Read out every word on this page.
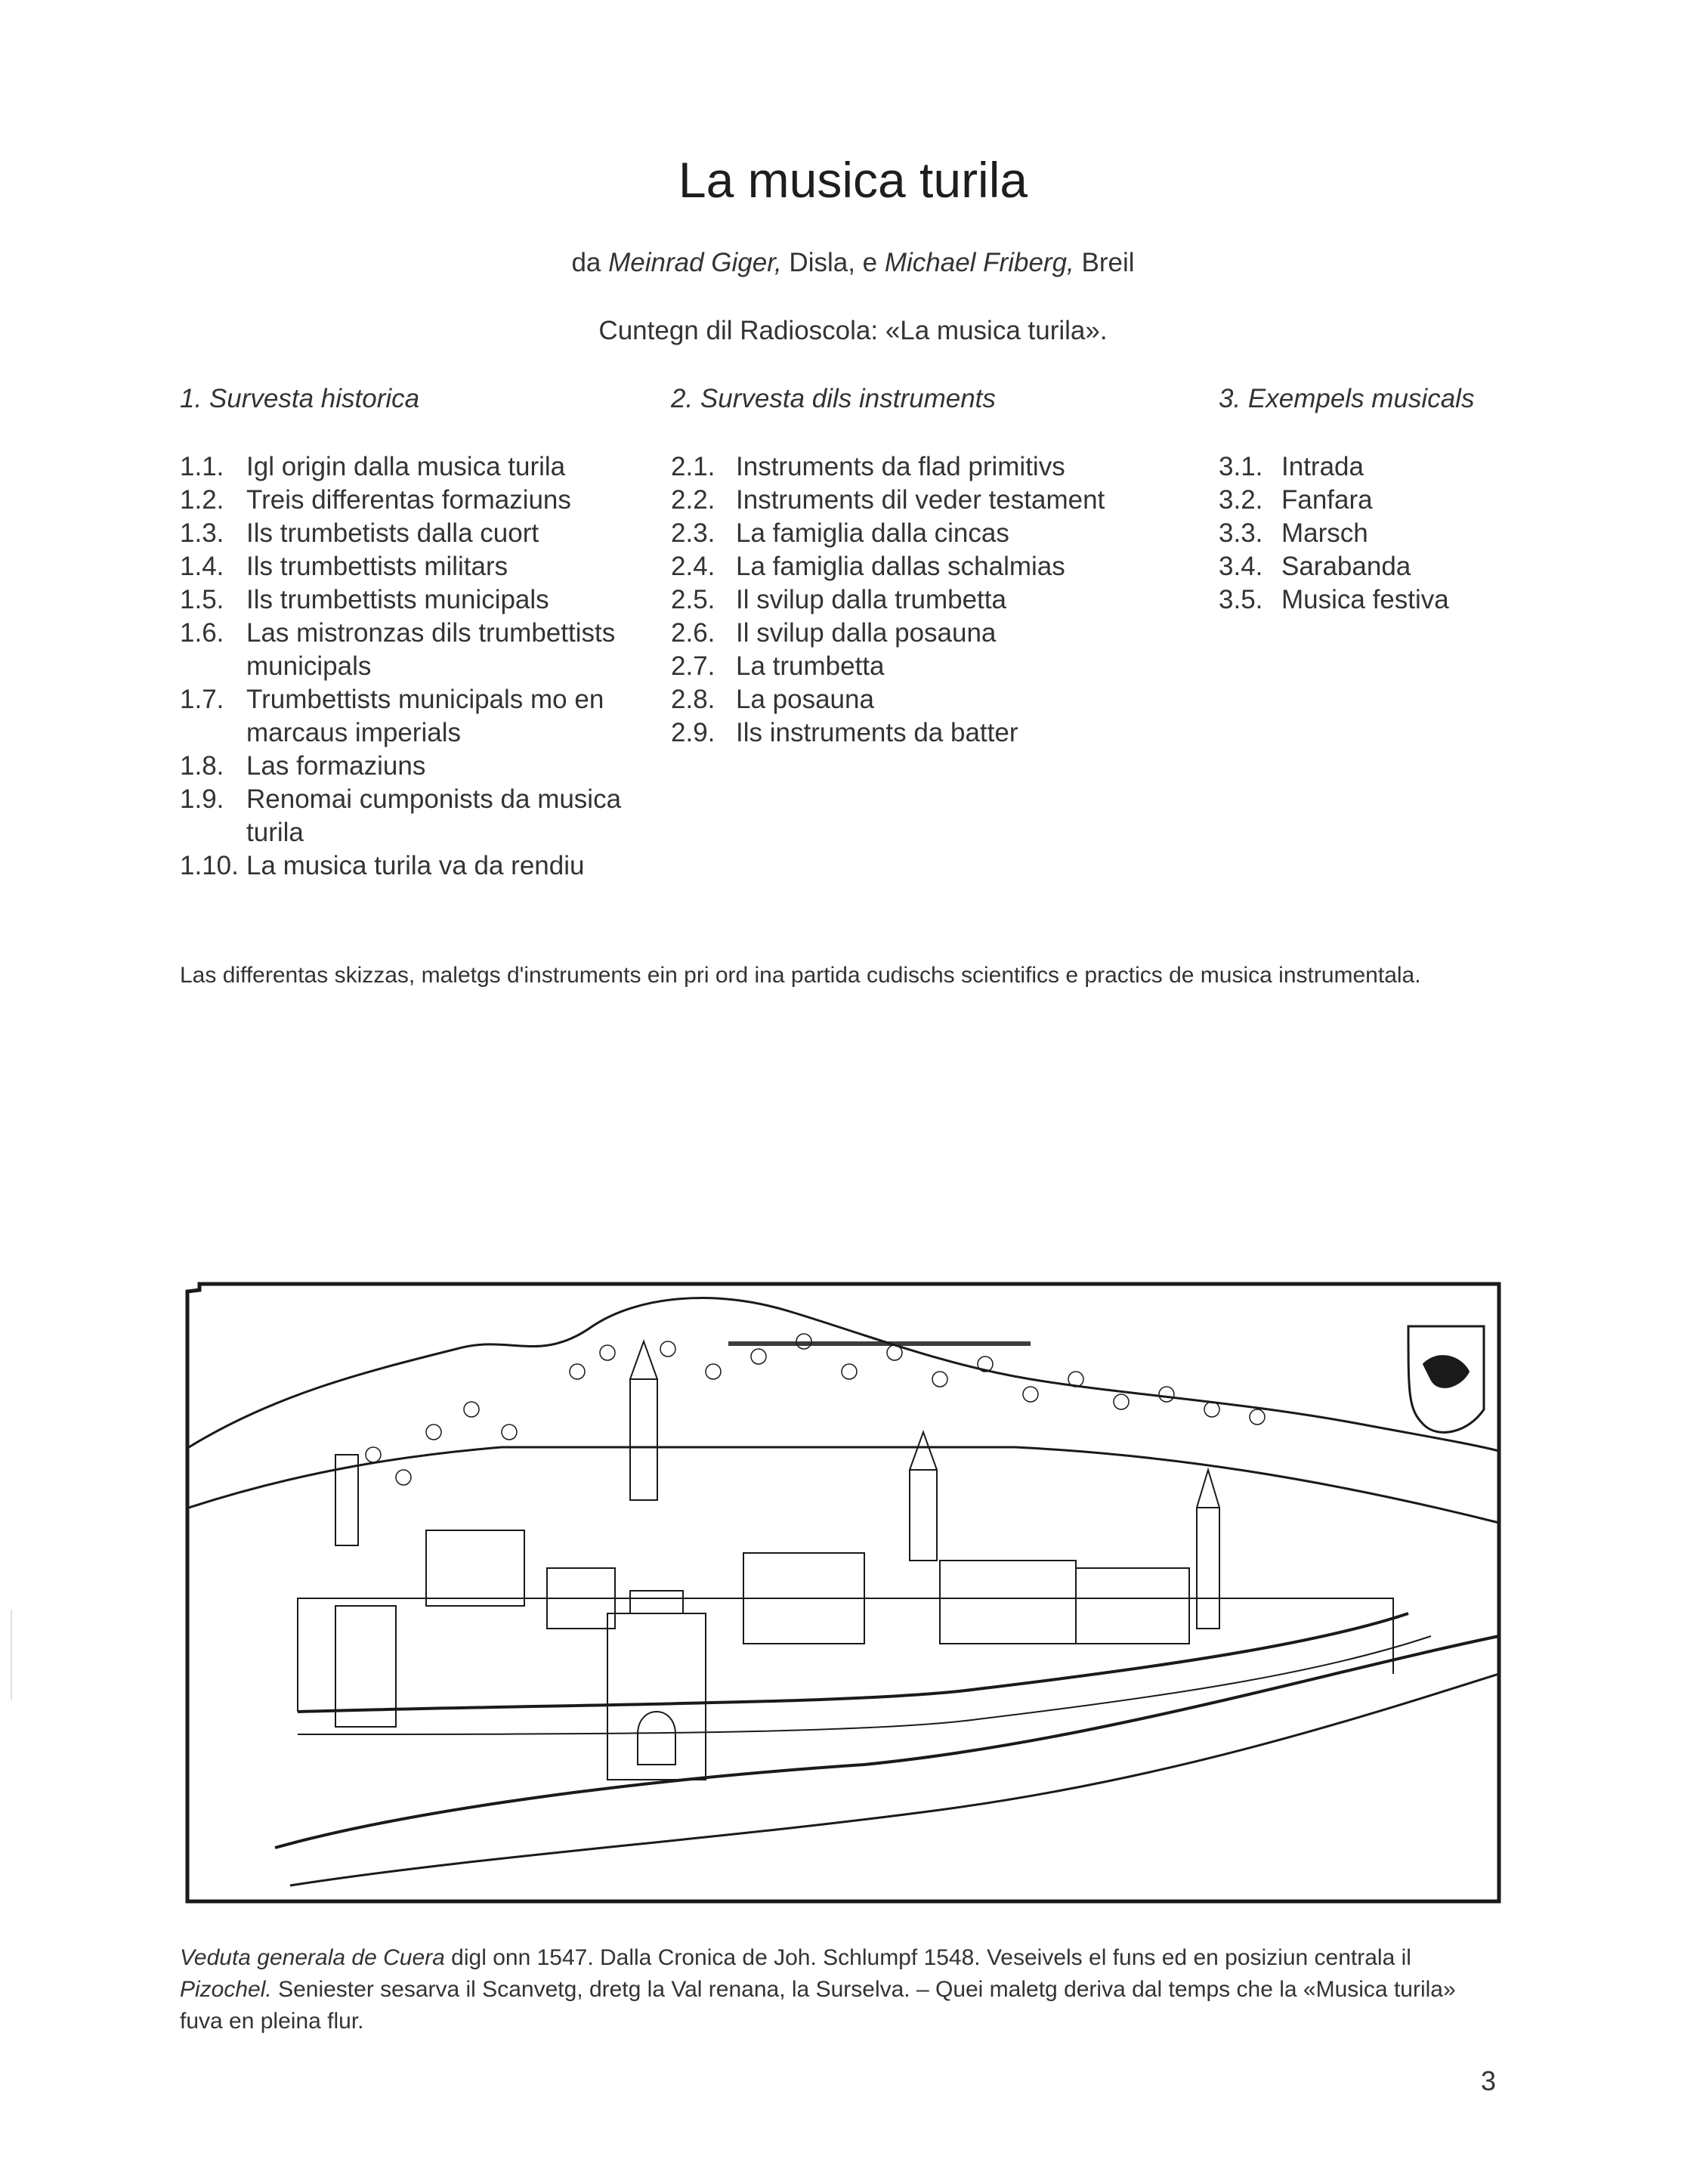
La musica turila
da Meinrad Giger, Disla, e Michael Friberg, Breil
Cuntegn dil Radioscola: «La musica turila».
1. Survesta historica	2. Survesta dils instruments	3. Exempels musicals
1.1. Igl origin dalla musica turila
1.2. Treis differentas formaziuns
1.3. Ils trumbetists dalla cuort
1.4. Ils trumbettists militars
1.5. Ils trumbettists municipals
1.6. Las mistronzas dils trumbettists municipals
1.7. Trumbettists municipals mo en marcaus imperials
1.8. Las formaziuns
1.9. Renomai cumponists da musica turila
1.10. La musica turila va da rendiu
2.1. Instruments da flad primitivs
2.2. Instruments dil veder testament
2.3. La famiglia dalla cincas
2.4. La famiglia dallas schalmias
2.5. Il svilup dalla trumbetta
2.6. Il svilup dalla posauna
2.7. La trumbetta
2.8. La posauna
2.9. Ils instruments da batter
3.1. Intrada
3.2. Fanfara
3.3. Marsch
3.4. Sarabanda
3.5. Musica festiva
Las differentas skizzas, maletgs d'instruments ein pri ord ina partida cudischs scientifics e practics de musica instrumentala.
Veduta generala de Cuera digl onn 1547. Dalla Cronica de Joh. Schlumpf 1548. Veseivels el funs ed en posiziun centrala il Pizochel. Seniester sesarva il Scanvetg, dretg la Val renana, la Surselva. – Quei maletg deriva dal temps che la «Musica turila» fuva en pleina flur.
3
